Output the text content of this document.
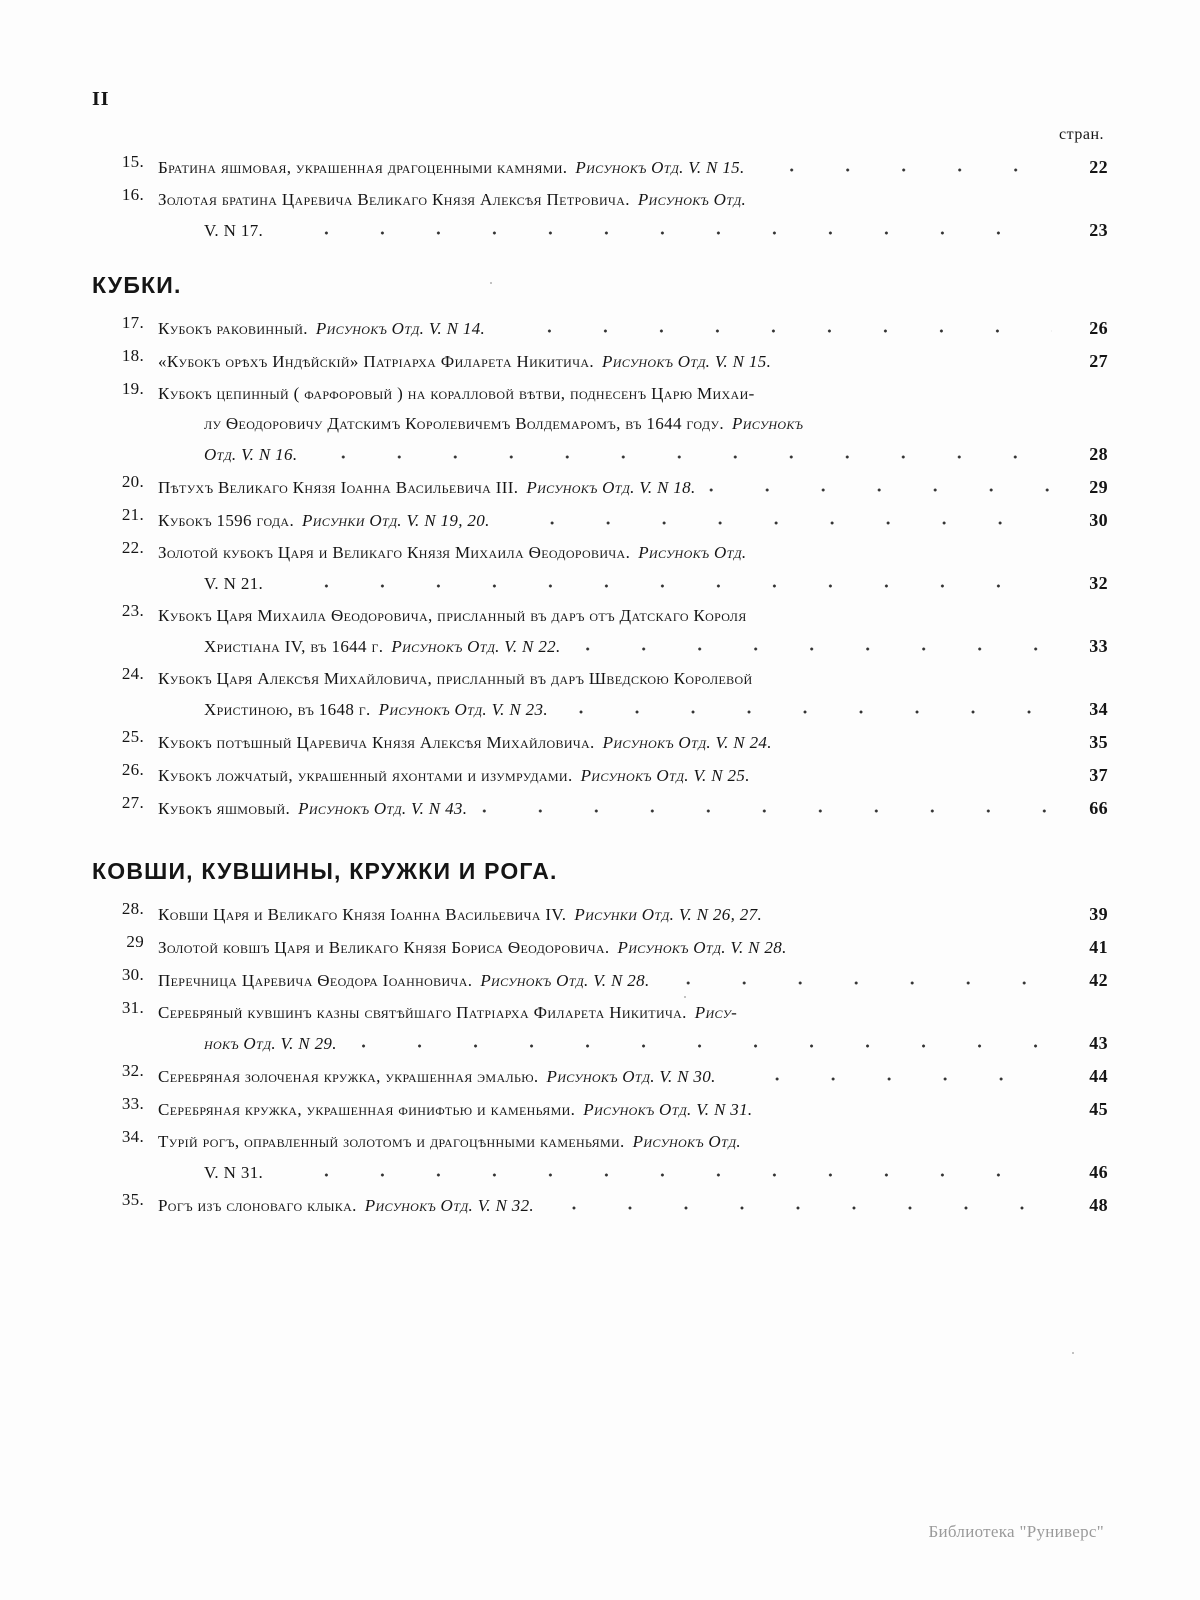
II
стран.
15. Братина яшмовая, украшенная драгоценными камнями. Рисунокъ Отд. V. N 15.	22
16. Золотая братина Царевича Великаго Князя Алексѣя Петровича. Рисунокъ Отд.
V. N 17.	23
КУБКИ.
17. Кубокъ раковинный. Рисунокъ Отд. V. N 14.	26
18. «Кубокъ орѣхъ Индѣйскій» Патріарха Филарета Никитича. Рисунокъ Отд. V. N 15.	27
19. Кубокъ цепинный ( фарфоровый ) на коралловой вѣтви, поднесенъ Царю Михаи-
лу Ѳеодоровичу Датскимъ Королевичемъ Волдемаромъ, въ 1644 году. Рисунокъ
Отд. V. N 16.	28
20. Пѣтухъ Великаго Князя Іоанна Васильевича III. Рисунокъ Отд. V. N 18.	29
21. Кубокъ 1596 года. Рисунки Отд. V. N 19, 20.	30
22. Золотой кубокъ Царя и Великаго Князя Михаила Ѳеодоровича. Рисунокъ Отд.
V. N 21.	32
23. Кубокъ Царя Михаила Ѳеодоровича, присланный въ даръ отъ Датскаго Короля
Христіана IV, въ 1644 г. Рисунокъ Отд. V. N 22.	33
24. Кубокъ Царя Алексѣя Михайловича, присланный въ даръ Шведскою Королевой
Христиною, въ 1648 г. Рисунокъ Отд. V. N 23.	34
25. Кубокъ потѣшный Царевича Князя Алексѣя Михайловича. Рисунокъ Отд. V. N 24.	35
26. Кубокъ ложчатый, украшенный яхонтами и изумрудами. Рисунокъ Отд. V. N 25.	37
27. Кубокъ яшмовый. Рисунокъ Отд. V. N 43.	66
КОВШИ, КУВШИНЫ, КРУЖКИ И РОГА.
28. Ковши Царя и Великаго Князя Іоанна Васильевича IV. Рисунки Отд. V. N 26, 27.	39
29 Золотой ковшъ Царя и Великаго Князя Бориса Ѳеодоровича. Рисунокъ Отд. V. N 28.	41
30. Перечница Царевича Ѳеодора Іоанновича. Рисунокъ Отд. V. N 28.	42
31. Серебряный кувшинъ казны святѣйшаго Патріарха Филарета Никитича. Рису-
нокъ Отд. V. N 29.	43
32. Серебряная золоченая кружка, украшенная эмалью. Рисунокъ Отд. V. N 30.	44
33. Серебряная кружка, украшенная финифтью и каменьями. Рисунокъ Отд. V. N 31.	45
34. Турій рогъ, оправленный золотомъ и драгоцѣнными каменьями. Рисунокъ Отд.
V. N 31.	46
35. Рогъ изъ слоноваго клыка. Рисунокъ Отд. V. N 32.	48
Библиотека "Руниверс"
